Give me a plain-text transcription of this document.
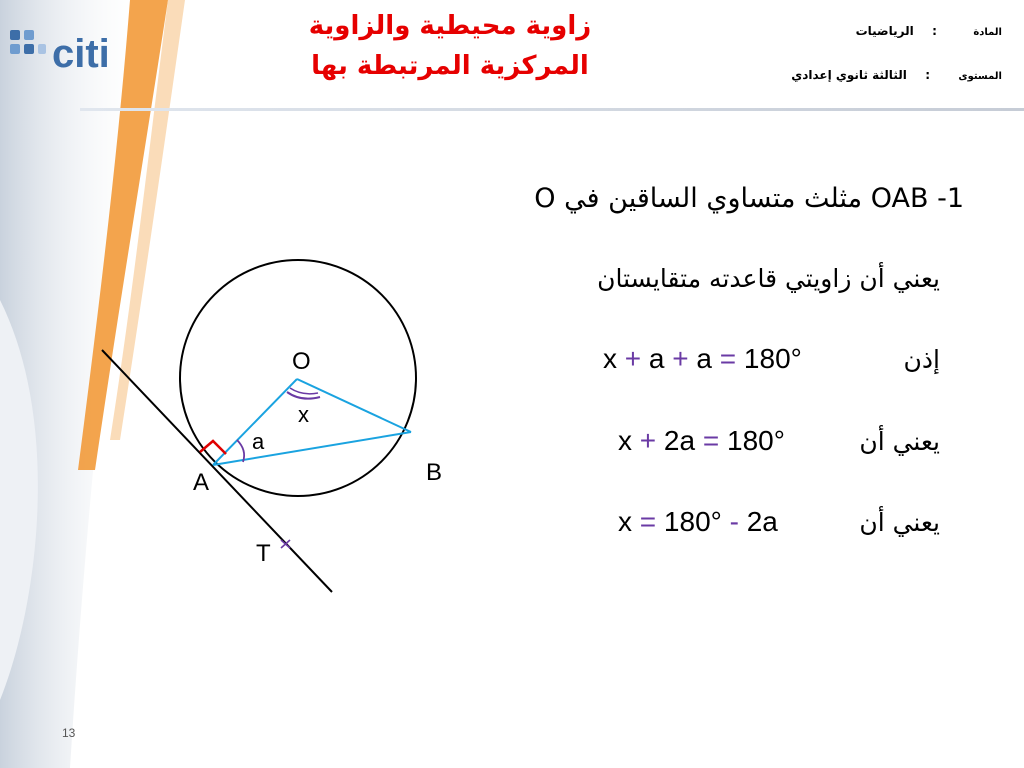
citi
زاوية محيطية والزاوية
المركزية المرتبطة بها
المادة  :  الرياضيات
المستوى  :  الثالثة ثانوي إعدادي
1- OAB مثلث متساوي الساقين في O
يعني أن زاويتي قاعدته متقايستان
إذن
x + a + a = 180°
يعني أن
x + 2a = 180°
يعني أن
x = 180° - 2a
O
x
a
A	B
T
13
